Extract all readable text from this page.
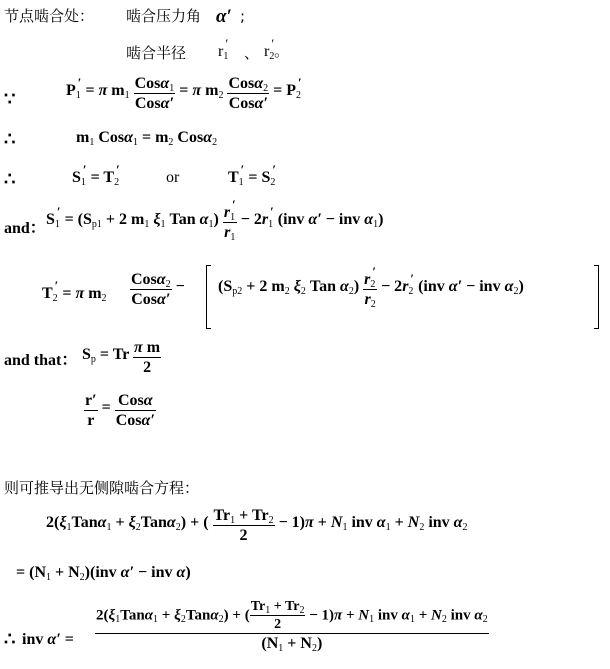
节点啮合处： 啮合压力角 α′ ;
啮合半径 r1′
、 r2′。
∵	P1′ = π $m1 \frac{\text{Cosα1}}{\text{Cosα′}} = \pi$ $m2 \frac{\text{Cosα2}}{\text{Cosα′}} = P2'$
∴	m1 Cosα1 = m2 Cosα2
∴	S1′ = T2′	or	T1′ = S2′
and：
S1′ = (Sp1 + 2 m1 ξ1 Tan $\alpha 1) \frac{r1'}{r1} - 2r1'$ (inv α′ − inv α1)
T2′ = π $m2 \frac{\text{Cosα2}}{\text{Cosα′}} - (Sp2 + 2$ m2 ξ2 Tan $\alpha 2) \frac{r2'}{r2} - 2r2'$ (inv α′ − inv α2)
and that： Sp = Tr $\frac{\text{π m}}{2}$
$\frac{r'}{r} = \frac{\text{Cosα}}{\text{Cosα′}}$
则可推导出无侧隙啮合方程：
2(ξ1Tanα1 + ξ2Tanα2) + ( $\frac{Tr1 + Tr2}{2} - 1)\pi + N1$ inv α1 + N2 inv α2
= (N1 + N2)(inv α′ − inv α)
∴ inv α′ =
$2(\xi_1Tan\alpha_1 + \xi_2Tan\alpha_2)$ + ( $\frac{Tr_1 + Tr_2}{2} - 1)\pi + N_1$ inv $\alpha_1 + N_2$ inv $\alpha_2$
(N1 + N2)
